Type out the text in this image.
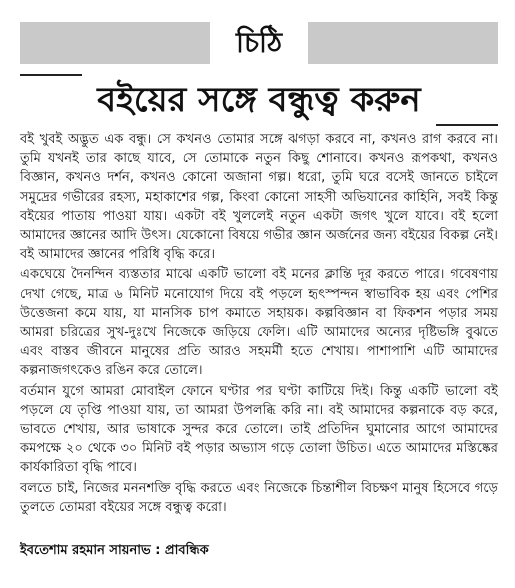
চিঠি
বইয়ের সঙ্গে বন্ধুত্ব করুন

বই খুবই অদ্ভুত এক বন্ধু। সে কখনও তোমার সঙ্গে ঝগড়া করবে না, কখনও রাগ করবে না। তুমি যখনই তার কাছে যাবে, সে তোমাকে নতুন কিছু শোনাবে। কখনও রূপকথা, কখনও বিজ্ঞান, কখনও দর্শন, কখনও কোনো অজানা গল্প। ধরো, তুমি ঘরে বসেই জানতে চাইলে সমুদ্রের গভীরের রহস্য, মহাকাশের গল্প, কিংবা কোনো সাহসী অভিযানের কাহিনি, সবই কিন্তু বইয়ের পাতায় পাওয়া যায়। একটা বই খুললেই নতুন একটা জগৎ খুলে যাবে। বই হলো আমাদের জ্ঞানের আদি উৎস। যেকোনো বিষয়ে গভীর জ্ঞান অর্জনের জন্য বইয়ের বিকল্প নেই। বই আমাদের জ্ঞানের পরিধি বৃদ্ধি করে।

একঘেয়ে দৈনন্দিন ব্যস্ততার মাঝে একটি ভালো বই মনের ক্লান্তি দূর করতে পারে। গবেষণায় দেখা গেছে, মাত্র ৬ মিনিট মনোযোগ দিয়ে বই পড়লে হৃৎস্পন্দন স্বাভাবিক হয় এবং পেশির উত্তেজনা কমে যায়, যা মানসিক চাপ কমাতে সহায়ক। কল্পবিজ্ঞান বা ফিকশন পড়ার সময় আমরা চরিত্রের সুখ-দুঃখে নিজেকে জড়িয়ে ফেলি। এটি আমাদের অন্যের দৃষ্টিভঙ্গি বুঝতে এবং বাস্তব জীবনে মানুষের প্রতি আরও সহমর্মী হতে শেখায়। পাশাপাশি এটি আমাদের কল্পনাজগৎকেও রঙিন করে তোলে।

বর্তমান যুগে আমরা মোবাইল ফোনে ঘণ্টার পর ঘণ্টা কাটিয়ে দিই। কিন্তু একটি ভালো বই পড়লে যে তৃপ্তি পাওয়া যায়, তা আমরা উপলব্ধি করি না। বই আমাদের কল্পনাকে বড় করে, ভাবতে শেখায়, আর ভাষাকে সুন্দর করে তোলে। তাই প্রতিদিন ঘুমানোর আগে আমাদের কমপক্ষে ২০ থেকে ৩০ মিনিট বই পড়ার অভ্যাস গড়ে তোলা উচিত। এতে আমাদের মস্তিষ্কের কার্যকারিতা বৃদ্ধি পাবে।

বলতে চাই, নিজের মননশক্তি বৃদ্ধি করতে এবং নিজেকে চিন্তাশীল বিচক্ষণ মানুষ হিসেবে গড়ে তুলতে তোমরা বইয়ের সঙ্গে বন্ধুত্ব করো।

ইবতেশাম রহমান সায়নাভ : প্রাবন্ধিক
